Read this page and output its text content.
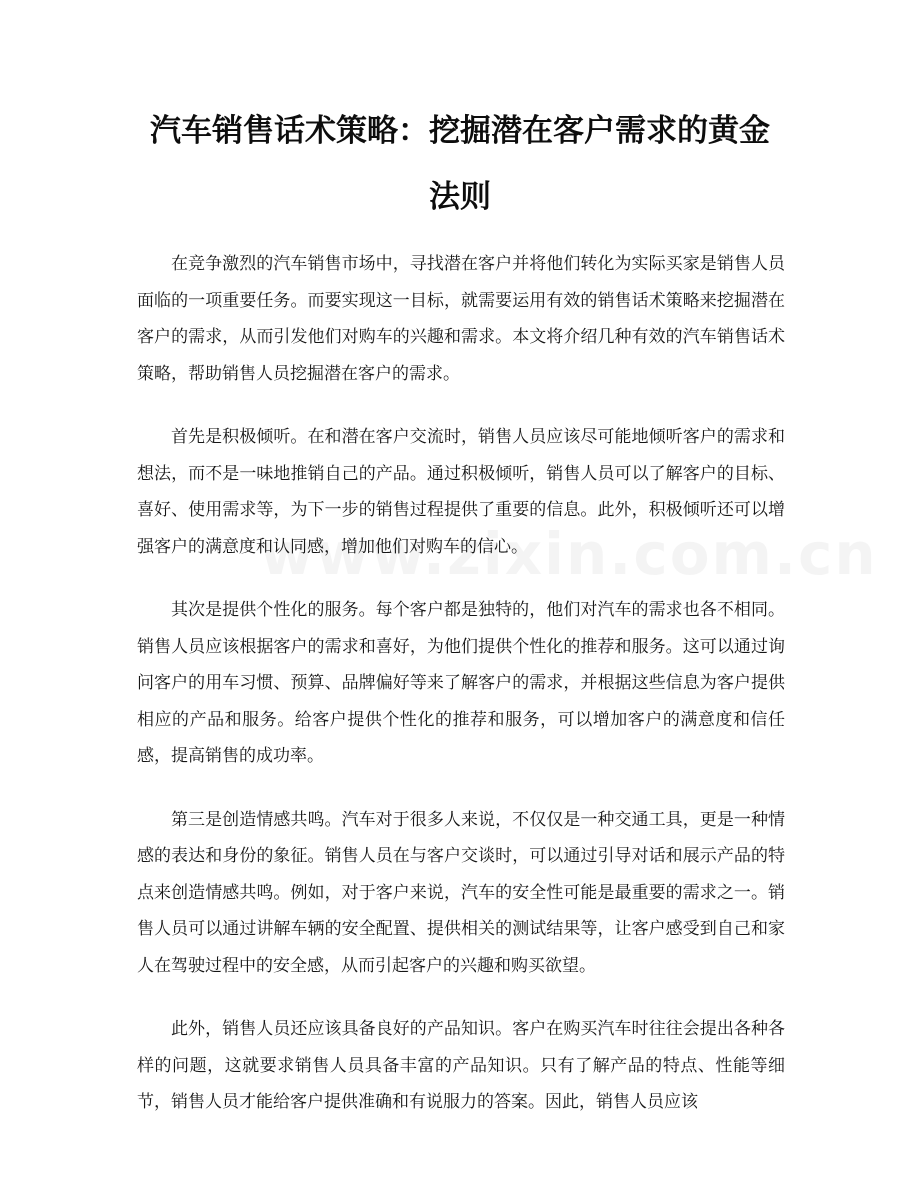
汽车销售话术策略：挖掘潜在客户需求的黄金法则

在竞争激烈的汽车销售市场中，寻找潜在客户并将他们转化为实际买家是销售人员面临的一项重要任务。而要实现这一目标，就需要运用有效的销售话术策略来挖掘潜在客户的需求，从而引发他们对购车的兴趣和需求。本文将介绍几种有效的汽车销售话术策略，帮助销售人员挖掘潜在客户的需求。

首先是积极倾听。在和潜在客户交流时，销售人员应该尽可能地倾听客户的需求和想法，而不是一味地推销自己的产品。通过积极倾听，销售人员可以了解客户的目标、喜好、使用需求等，为下一步的销售过程提供了重要的信息。此外，积极倾听还可以增强客户的满意度和认同感，增加他们对购车的信心。

其次是提供个性化的服务。每个客户都是独特的，他们对汽车的需求也各不相同。销售人员应该根据客户的需求和喜好，为他们提供个性化的推荐和服务。这可以通过询问客户的用车习惯、预算、品牌偏好等来了解客户的需求，并根据这些信息为客户提供相应的产品和服务。给客户提供个性化的推荐和服务，可以增加客户的满意度和信任感，提高销售的成功率。

第三是创造情感共鸣。汽车对于很多人来说，不仅仅是一种交通工具，更是一种情感的表达和身份的象征。销售人员在与客户交谈时，可以通过引导对话和展示产品的特点来创造情感共鸣。例如，对于客户来说，汽车的安全性可能是最重要的需求之一。销售人员可以通过讲解车辆的安全配置、提供相关的测试结果等，让客户感受到自己和家人在驾驶过程中的安全感，从而引起客户的兴趣和购买欲望。

此外，销售人员还应该具备良好的产品知识。客户在购买汽车时往往会提出各种各样的问题，这就要求销售人员具备丰富的产品知识。只有了解产品的特点、性能等细节，销售人员才能给客户提供准确和有说服力的答案。因此，销售人员应该
